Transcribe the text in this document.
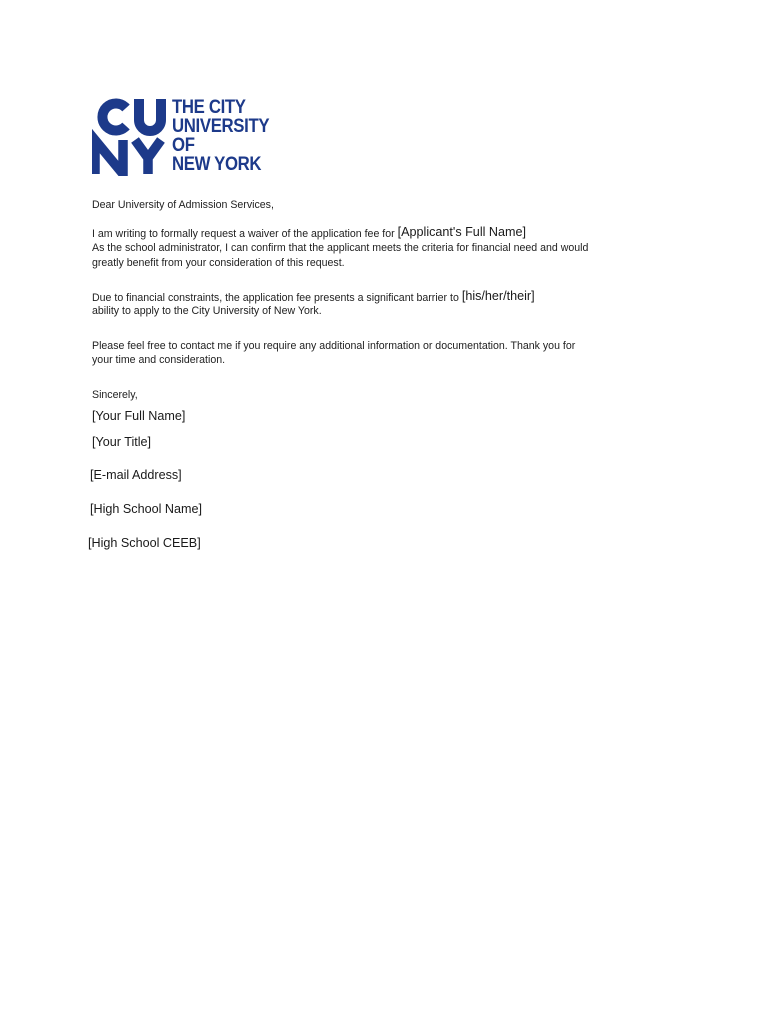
THE CITY
UNIVERSITY
OF
NEW YORK
Dear University of Admission Services,
I am writing to formally request a waiver of the application fee for [Applicant's Full Name]
As the school administrator, I can confirm that the applicant meets the criteria for financial need and would
greatly benefit from your consideration of this request.
Due to financial constraints, the application fee presents a significant barrier to [his/her/their]
ability to apply to the City University of New York.
Please feel free to contact me if you require any additional information or documentation. Thank you for
your time and consideration.
Sincerely,
[Your Full Name]
[Your Title]
[E-mail Address]
[High School Name]
[High School CEEB]
